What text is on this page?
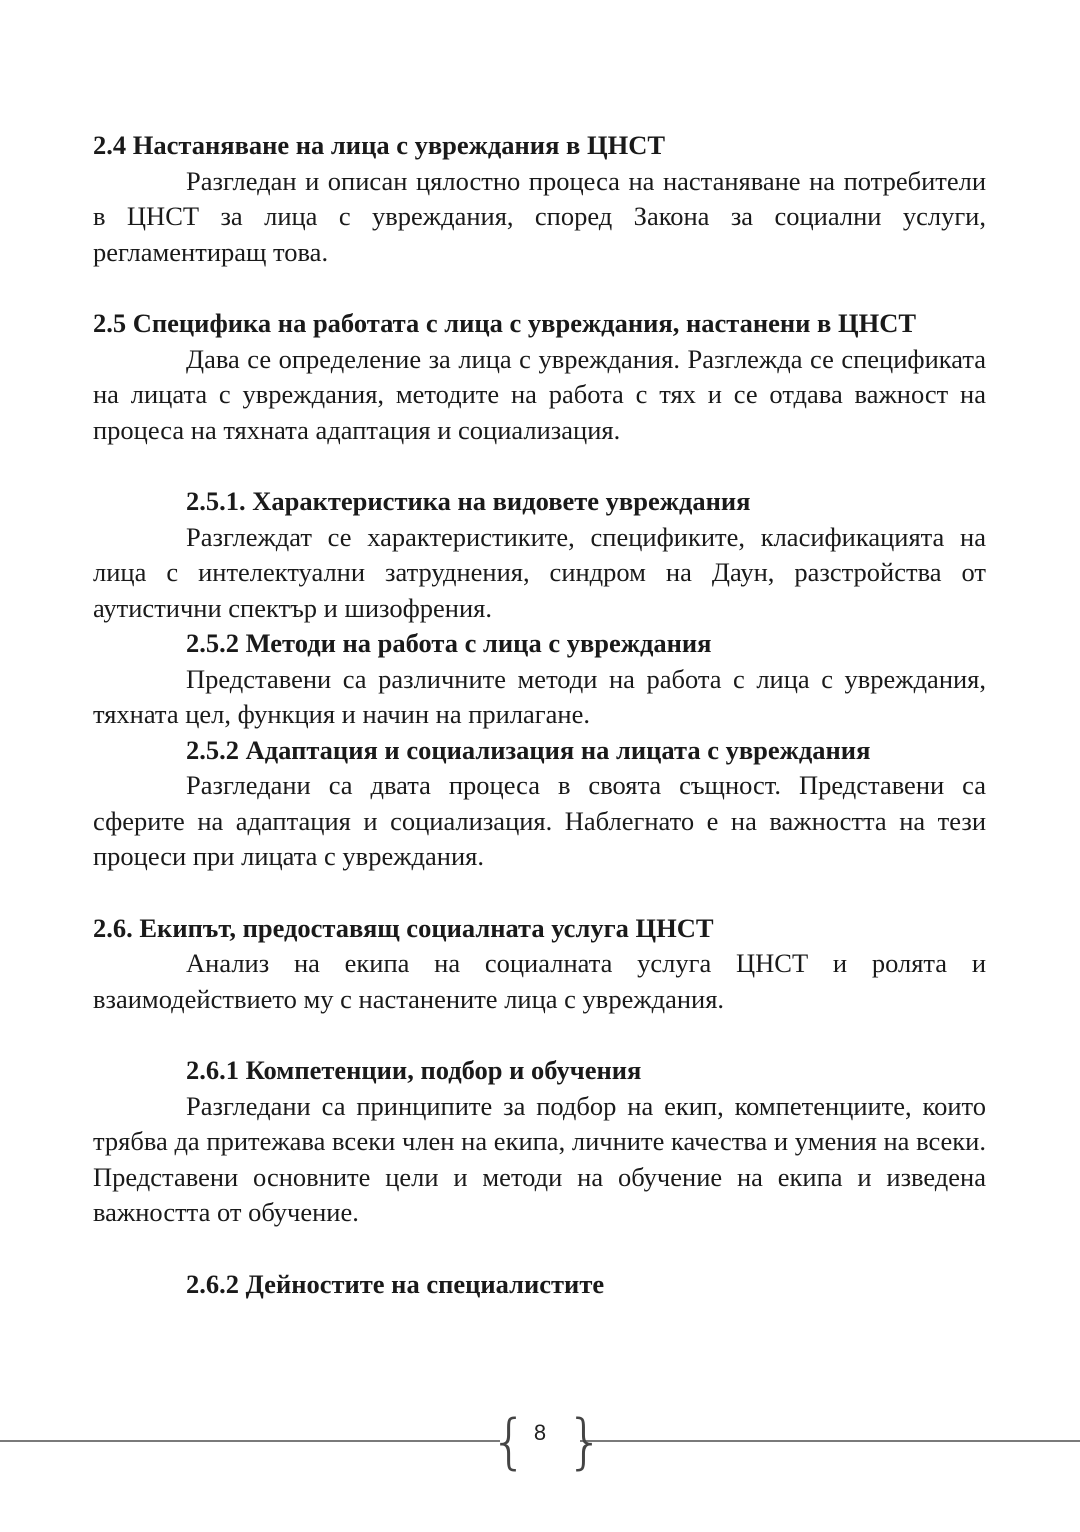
2.4 Настаняване на лица с увреждания в ЦНСТ

Разгледан и описан цялостно процеса на настаняване на потребители в ЦНСТ за лица с увреждания, според Закона за социални услуги, регламентиращ това.

2.5 Специфика на работата с лица с увреждания, настанени в ЦНСТ

Дава се определение за лица с увреждания. Разглежда се спецификата на лицата с увреждания, методите на работа с тях и се отдава важност на процеса на тяхната адаптация и социализация.

2.5.1. Характеристика на видовете увреждания

Разглеждат се характеристиките, спецификите, класификацията на лица с интелектуални затруднения, синдром на Даун, разстройства от аутистични спектър и шизофрения.

2.5.2 Методи на работа с лица с увреждания

Представени са различните методи на работа с лица с увреждания, тяхната цел, функция и начин на прилагане.

2.5.2 Адаптация и социализация на лицата с увреждания

Разгледани са двата процеса в своята същност. Представени са сферите на адаптация и социализация. Наблегнато е на важността на тези процеси при лицата с увреждания.

2.6. Екипът, предоставящ социалната услуга ЦНСТ

Анализ на екипа на социалната услуга ЦНСТ и ролята и взаимодействието му с настанените лица с увреждания.

2.6.1 Компетенции, подбор и обучения

Разгледани са принципите за подбор на екип, компетенциите, които трябва да притежава всеки член на екипа, личните качества и умения на всеки. Представени основните цели и методи на обучение на екипа и изведена важността от обучение.

2.6.2 Дейностите на специалистите
{ }
8
